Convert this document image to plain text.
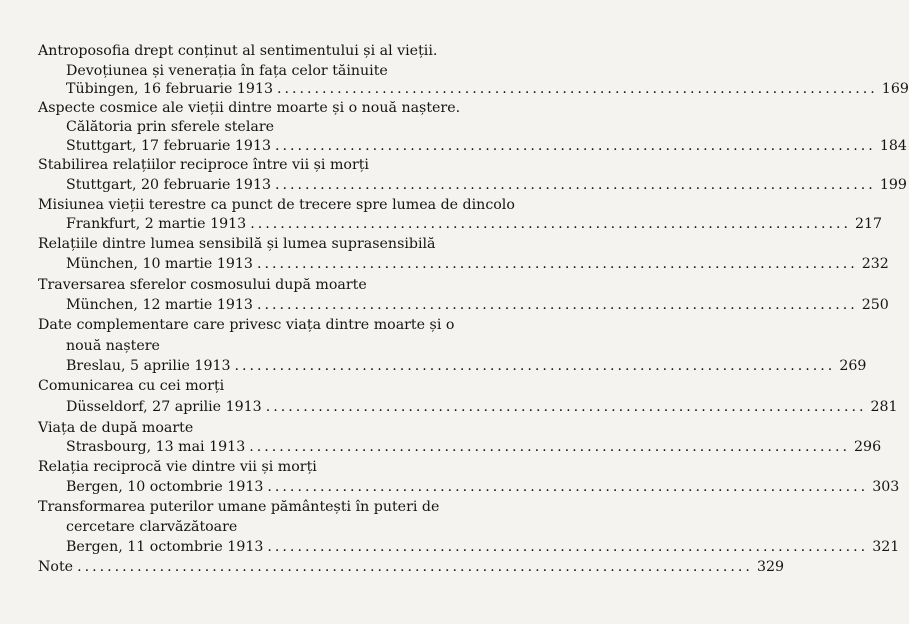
Antroposofia drept conținut al sentimentului și al vieții.
Devoțiunea și venerația în fața celor tăinuite
Tübingen, 16 februarie 1913 ................................................................................ 169
Aspecte cosmice ale vieții dintre moarte și o nouă naștere.
Călătoria prin sferele stelare
Stuttgart, 17 februarie 1913 ................................................................................ 184
Stabilirea relațiilor reciproce între vii și morți
Stuttgart, 20 februarie 1913 ................................................................................ 199
Misiunea vieții terestre ca punct de trecere spre lumea de dincolo
Frankfurt, 2 martie 1913 ................................................................................ 217
Relațiile dintre lumea sensibilă și lumea suprasensibilă
München, 10 martie 1913 ................................................................................ 232
Traversarea sferelor cosmosului după moarte
München, 12 martie 1913 ................................................................................ 250
Date complementare care privesc viața dintre moarte și o
nouă naștere
Breslau, 5 aprilie 1913 ................................................................................ 269
Comunicarea cu cei morți
Düsseldorf, 27 aprilie 1913 ................................................................................ 281
Viața de după moarte
Strasbourg, 13 mai 1913 ................................................................................ 296
Relația reciprocă vie dintre vii și morți
Bergen, 10 octombrie 1913 ................................................................................ 303
Transformarea puterilor umane pământești în puteri de
cercetare clarvăzătoare
Bergen, 11 octombrie 1913 ................................................................................ 321
Note .......................................................................................... 329
